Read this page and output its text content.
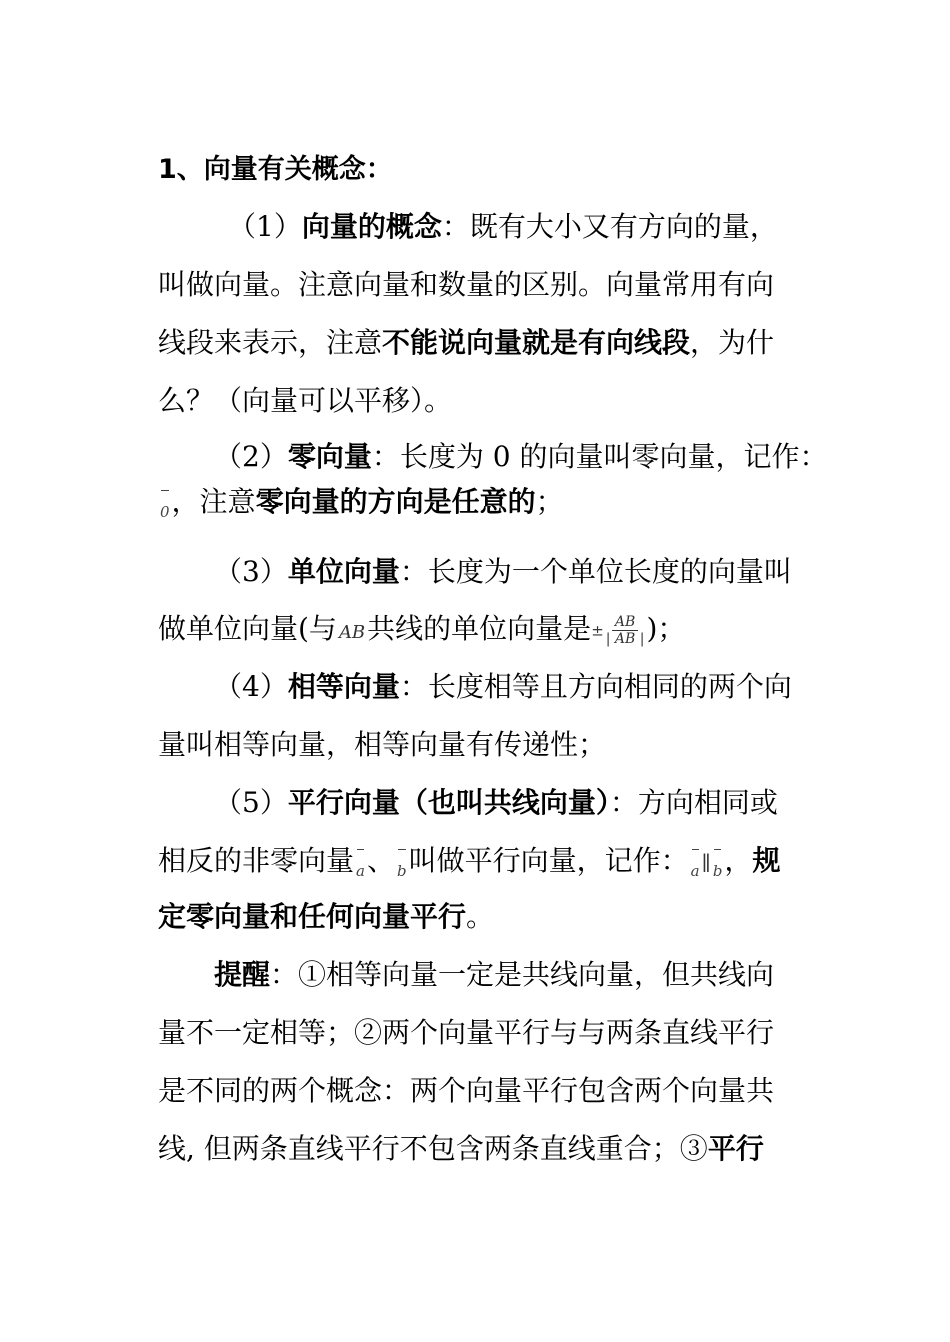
1、向量有关概念：
（1）向量的概念：既有大小又有方向的量，
叫做向量。注意向量和数量的区别。向量常用有向
线段来表示，注意不能说向量就是有向线段，为什
么？（向量可以平移）。
（2）零向量：长度为 0 的向量叫零向量，记作：
0，注意零向量的方向是任意的；
（3）单位向量：长度为一个单位长度的向量叫
做单位向量(与 AB共线的单位向量是± $\frac{AB}{| AB |}$ )；
（4）相等向量：长度相等且方向相同的两个向
量叫相等向量，相等向量有传递性；
（5）平行向量（也叫共线向量）：方向相同或
相反的非零向量 a、 b叫做平行向量，记作： a ∥ b，规
定零向量和任何向量平行。
提醒：①相等向量一定是共线向量，但共线向
量不一定相等；②两个向量平行与与两条直线平行
是不同的两个概念：两个向量平行包含两个向量共
线, 但两条直线平行不包含两条直线重合；③平行
